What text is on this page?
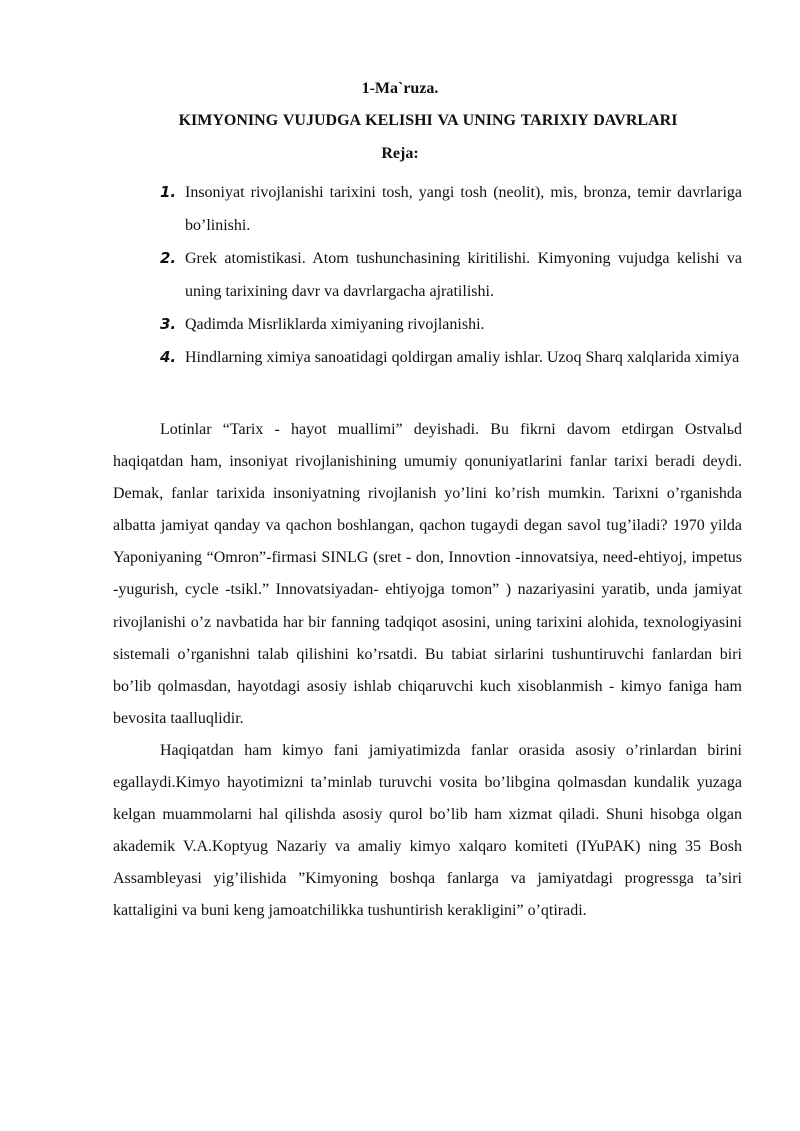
1-Ma`ruza.
KIMYONING VUJUDGA KELISHI VA UNING TARIXIY DAVRLARI
Reja:
1. Insoniyat rivojlanishi tarixini tosh, yangi tosh (neolit), mis, bronza, temir davrlariga bo’linishi.
2. Grek atomistikasi. Atom tushunchasining kiritilishi. Kimyoning vujudga kelishi va uning tarixining davr va davrlargacha ajratilishi.
3. Qadimda Misrliklarda ximiyaning rivojlanishi.
4. Hindlarning ximiya sanoatidagi qoldirgan amaliy ishlar. Uzoq Sharq xalqlarida ximiya

Lotinlar “Tarix - hayot muallimi” deyishadi. Bu fikrni davom etdirgan Ostvalьd haqiqatdan ham, insoniyat rivojlanishining umumiy qonuniyatlarini fanlar tarixi beradi deydi. Demak, fanlar tarixida insoniyatning rivojlanish yo’lini ko’rish mumkin. Tarixni o’rganishda albatta jamiyat qanday va qachon boshlangan, qachon tugaydi degan savol tug’iladi? 1970 yilda Yaponiyaning “Omron”-firmasi SINLG (sret - don, Innovtion -innovatsiya, need-ehtiyoj, impetus -yugurish, cycle -tsikl.” Innovatsiyadan- ehtiyojga tomon” ) nazariyasini yaratib, unda jamiyat rivojlanishi o’z navbatida har bir fanning tadqiqot asosini, uning tarixini alohida, texnologiyasini sistemali o’rganishni talab qilishini ko’rsatdi. Bu tabiat sirlarini tushuntiruvchi fanlardan biri bo’lib qolmasdan, hayotdagi asosiy ishlab chiqaruvchi kuch xisoblanmish - kimyo faniga ham bevosita taalluqlidir.

Haqiqatdan ham kimyo fani jamiyatimizda fanlar orasida asosiy o’rinlardan birini egallaydi.Kimyo hayotimizni ta’minlab turuvchi vosita bo’libgina qolmasdan kundalik yuzaga kelgan muammolarni hal qilishda asosiy qurol bo’lib ham xizmat qiladi. Shuni hisobga olgan akademik V.A.Koptyug Nazariy va amaliy kimyo xalqaro komiteti (IYuPAK) ning 35 Bosh Assambleyasi yig’ilishida ”Kimyoning boshqa fanlarga va jamiyatdagi progressga ta’siri kattaligini va buni keng jamoatchilikka tushuntirish kerakligini” o’qtiradi.
